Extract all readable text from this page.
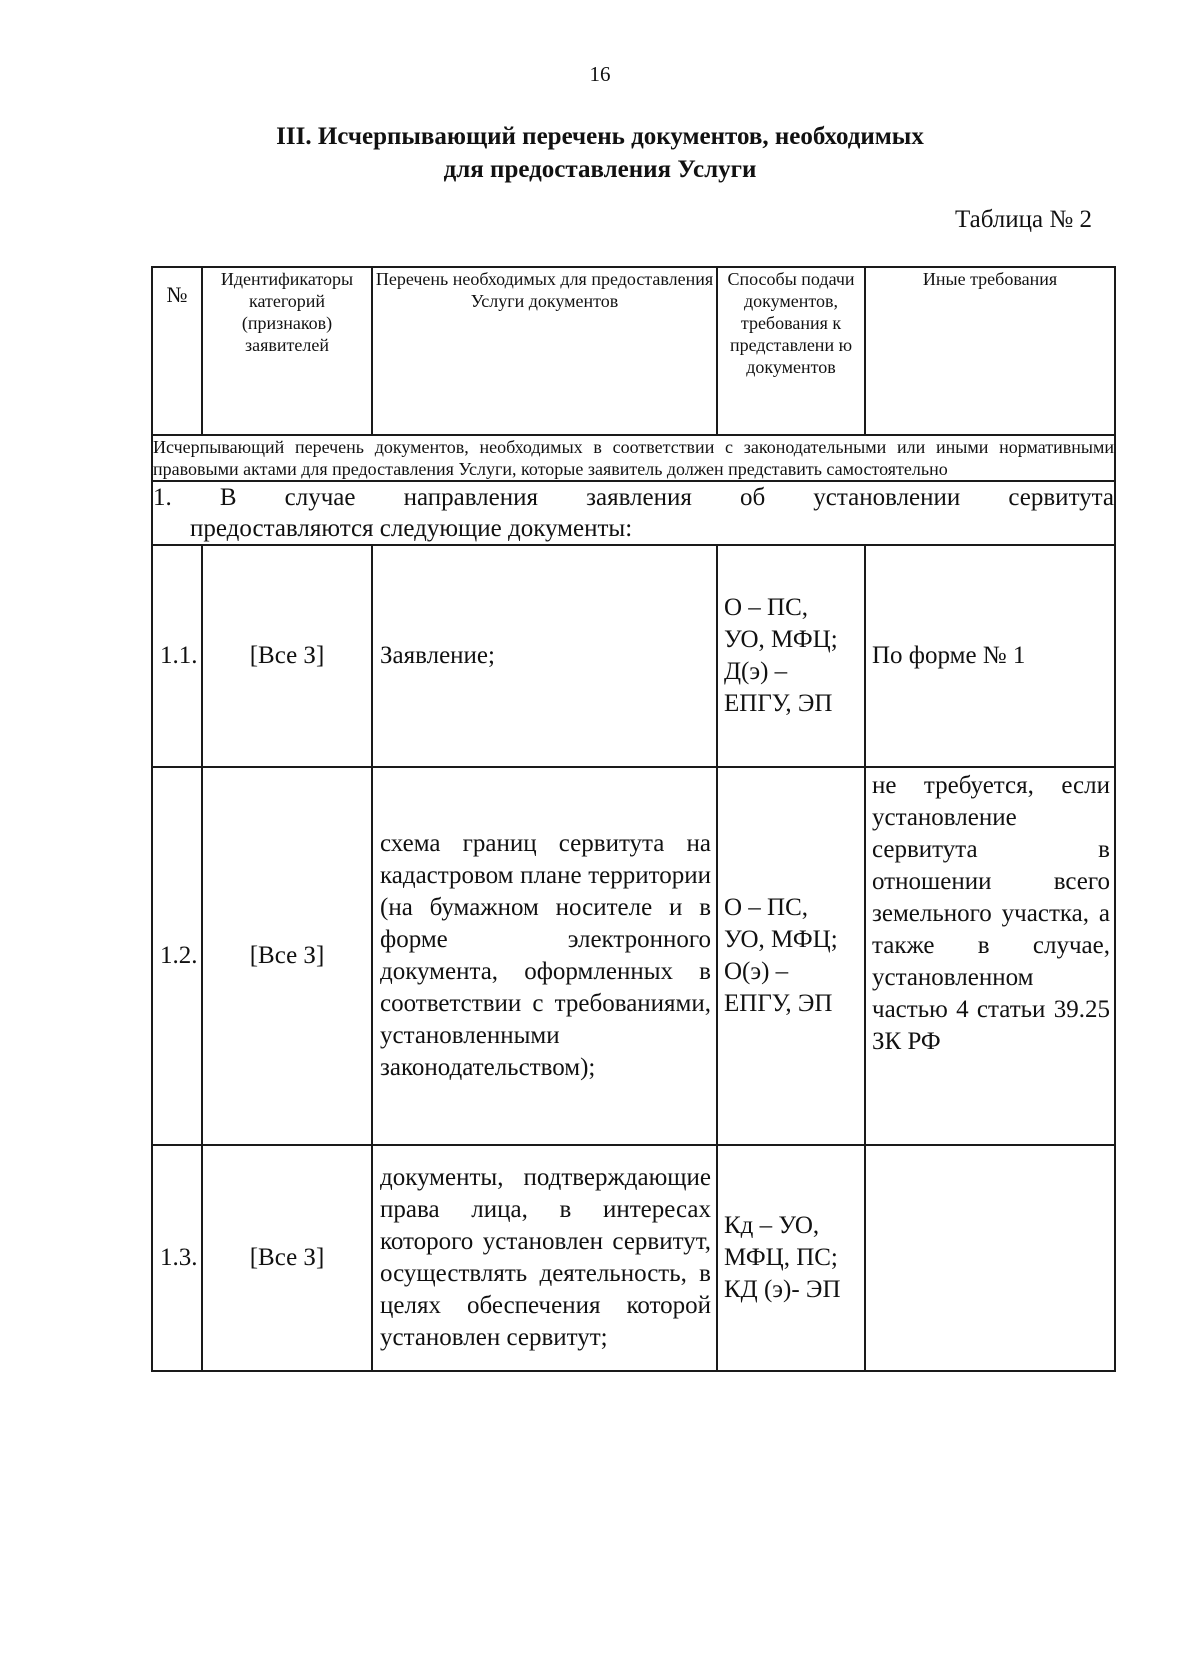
16
III. Исчерпывающий перечень документов, необходимых
для предоставления Услуги
Таблица № 2
№	Идентификаторы категорий (признаков) заявителей	Перечень необходимых для предоставления Услуги документов	Способы подачи документов, требования к представлени ю документов	Иные требования
Исчерпывающий перечень документов, необходимых в соответствии с законодательными или иными нормативными правовыми актами для предоставления Услуги, которые заявитель должен представить самостоятельно				

1. В случае направления заявления об установлении сервитута
предоставляются следующие документы:				

1.1.	[Все З]	Заявление;	О – ПС,
УО, МФЦ;
Д(э) –
ЕПГУ, ЭП	По форме № 1
1.2.	[Все З]	схема границ сервитута на кадастровом плане территории (на бумажном носителе и в форме электронного документа, оформленных в соответствии с требованиями, установленными законодательством);	О – ПС,
УО, МФЦ;
О(э) –
ЕПГУ, ЭП	не требуется, если установление сервитута в отношении всего земельного участка, а также в случае, установленном частью 4 статьи 39.25 ЗК РФ
1.3.	[Все З]	документы, подтверждающие права лица, в интересах которого установлен сервитут, осуществлять деятельность, в целях обеспечения которой установлен сервитут;	Кд – УО,
МФЦ, ПС;
КД (э)- ЭП	
